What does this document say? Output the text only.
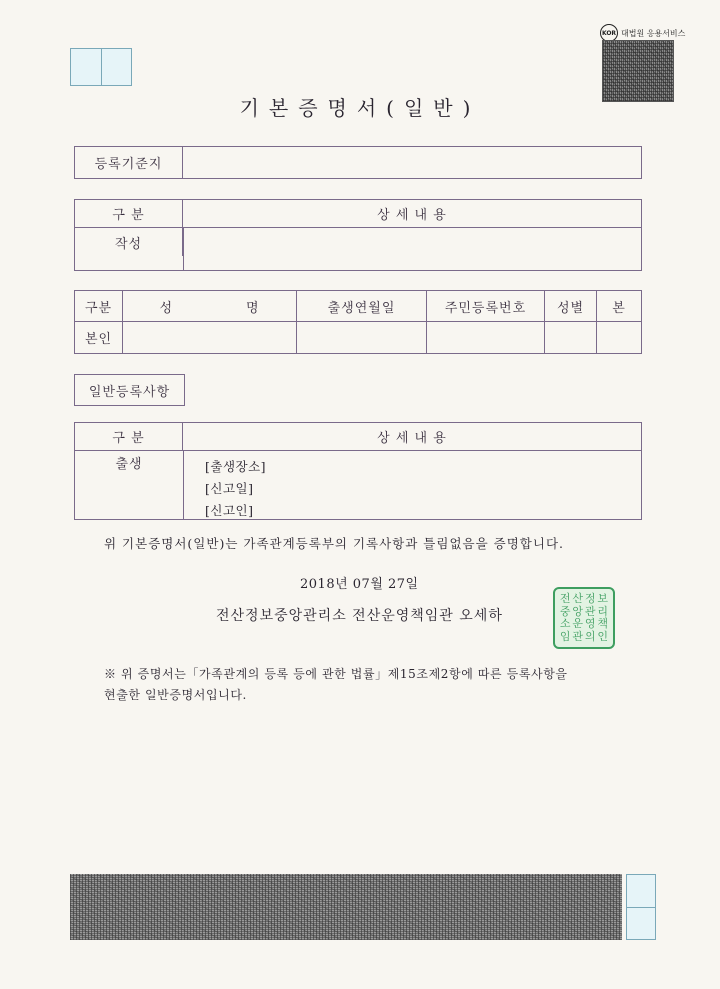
KOR 대법원 응용서비스
기본증명서(일반)
등록기준지
구 분	상 세 내 용
작성
구분	성	명	출생연월일	주민등록번호	성별	본
본인
일반등록사항
구 분	상 세 내 용
출생	[출생장소]
[신고일]
[신고인]
위 기본증명서(일반)는 가족관계등록부의 기록사항과 틀림없음을 증명합니다.
2018년 07월 27일
전산정보중앙관리소 전산운영책임관 오세하
전 산 정 보
중 앙 관 리
소 운 영 책
임 관 의 인
※ 위 증명서는「가족관계의 등록 등에 관한 법률」제15조제2항에 따른 등록사항을
현출한 일반증명서입니다.
